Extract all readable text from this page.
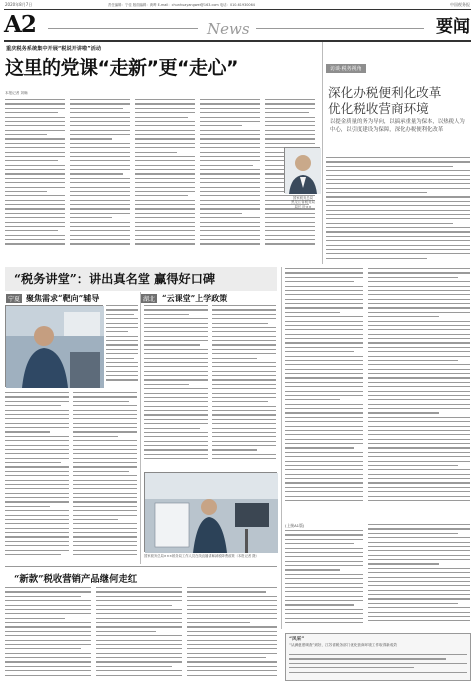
2020年8月7日	责任编辑：宁佳 版面编辑：黄晔 E-mail：chunhuayangwei@163.com 电话：010-61930064	中国税务报
A2	News	要闻
重庆税务系统集中开展“税说开讲啦”活动
这里的党课“走新”更“走心”
本报记者 刘畅
访谈·税务视角
深化办税便利化改革
优化税收营商环境
以提金质量的务为导向，以搞承重量为保本，以热税人为中心，以引度建设为保障，深化办税便利化改革
国家税务总局
黑龙江省税务局
局长 叶××
“税务讲堂”：讲出真名堂 赢得好口碑
宁夏 聚焦需求“靶向”辅导	湖北 “云课堂”上学政策
国家税务总局×××税务局工作人员在线直播讲解减税降费政策（本报记者 摄）
(上接A1版)
“新款”税收营销产品继何走红
“风采”
“从满意度调查”到好，江苏省税务部门优化营商环境工作取得新成效
